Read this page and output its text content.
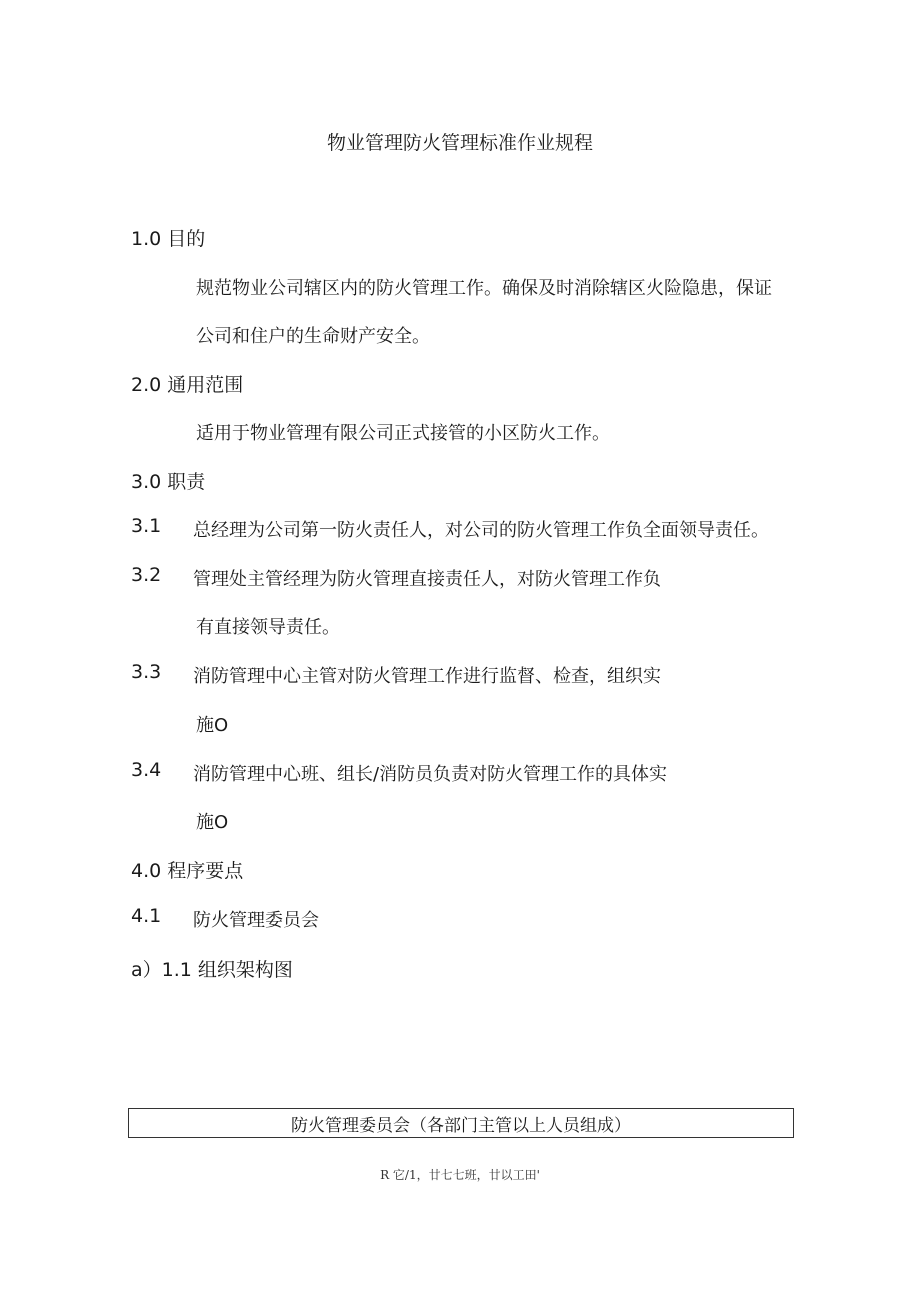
物业管理防火管理标准作业规程
1.0 目的
规范物业公司辖区内的防火管理工作。确保及时消除辖区火险隐患，保证
公司和住户的生命财产安全。
2.0 通用范围
适用于物业管理有限公司正式接管的小区防火工作。
3.0 职责
3.1 总经理为公司第一防火责任人，对公司的防火管理工作负全面领导责任。
3.2 管理处主管经理为防火管理直接责任人，对防火管理工作负
有直接领导责任。
3.3 消防管理中心主管对防火管理工作进行监督、检查，组织实
施O
3.4 消防管理中心班、组长/消防员负责对防火管理工作的具体实
施O
4.0 程序要点
4.1 防火管理委员会
a）1.1 组织架构图
防火管理委员会（各部门主管以上人员组成）
R 它/1，廿七七班，廿以工田'
